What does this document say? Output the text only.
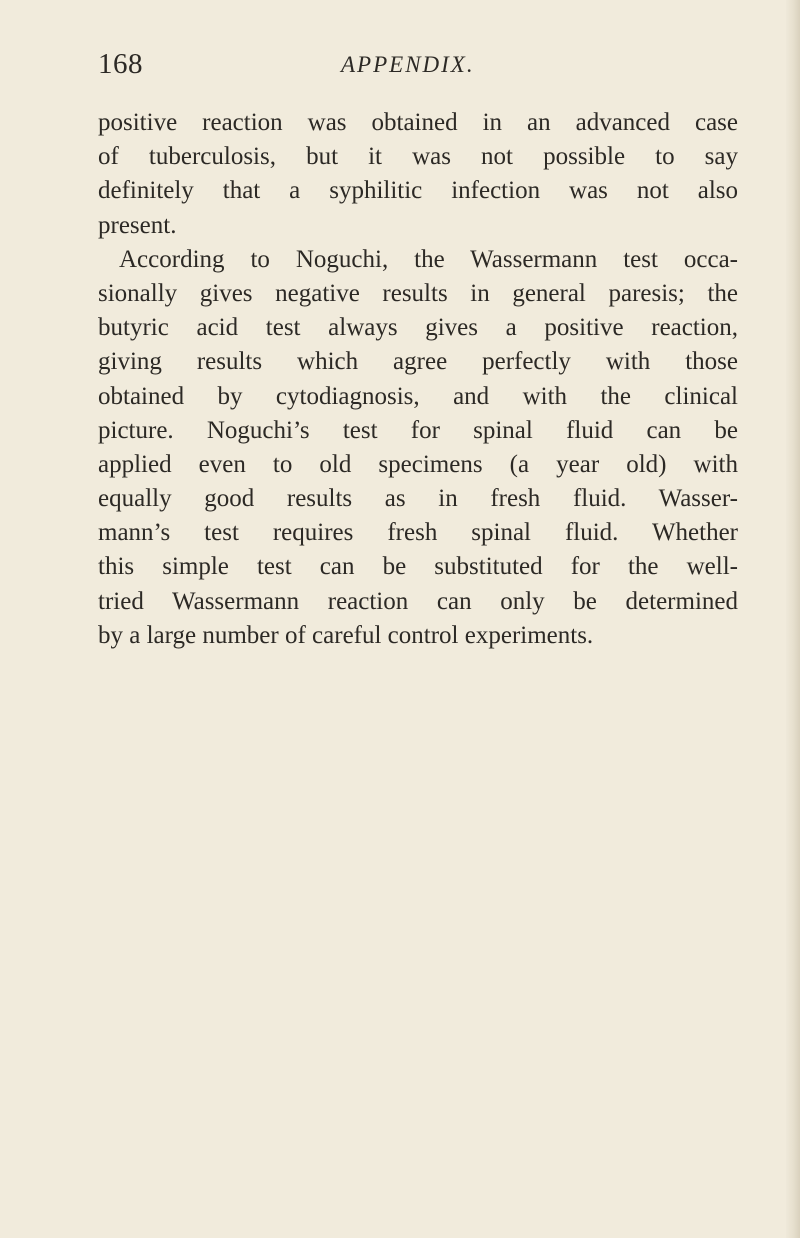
168	APPENDIX.
positive reaction was obtained in an advanced case
of tuberculosis, but it was not possible to say
definitely that a syphilitic infection was not also
present.
According to Noguchi, the Wassermann test occa-
sionally gives negative results in general paresis; the
butyric acid test always gives a positive reaction,
giving results which agree perfectly with those
obtained by cytodiagnosis, and with the clinical
picture. Noguchi’s test for spinal fluid can be
applied even to old specimens (a year old) with
equally good results as in fresh fluid. Wasser-
mann’s test requires fresh spinal fluid. Whether
this simple test can be substituted for the well-
tried Wassermann reaction can only be determined
by a large number of careful control experiments.
